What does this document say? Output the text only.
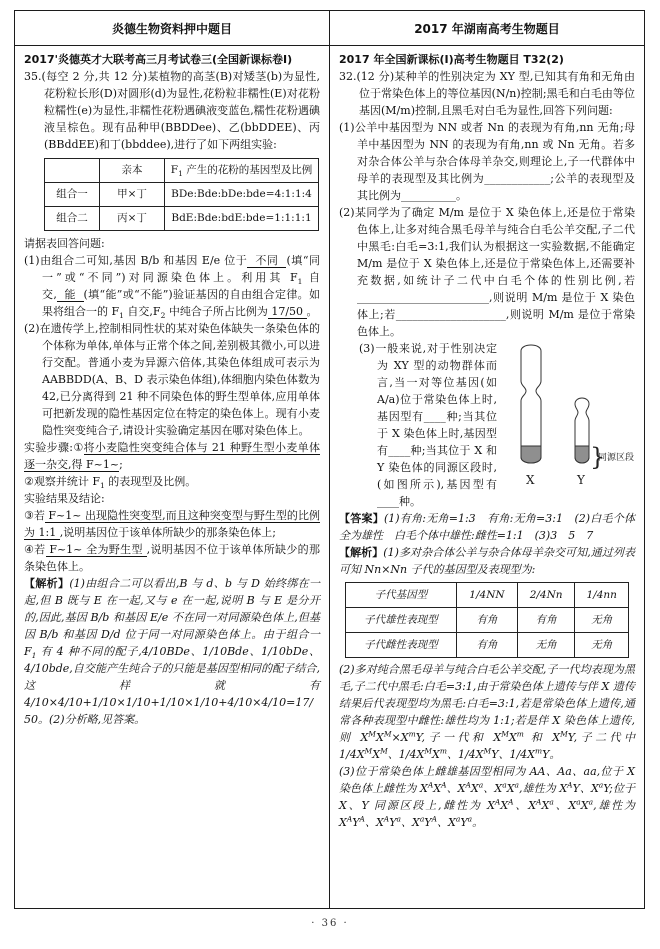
炎德生物资料押中题目	2017 年湖南高考生物题目

2017'炎德英才大联考高三月考试卷三(全国新课标卷Ⅰ)

35.(每空 2 分,共 12 分)某植物的高茎(B)对矮茎(b)为显性,花粉粒长形(D)对圆形(d)为显性,花粉粒非糯性(E)对花粉粒糯性(e)为显性,非糯性花粉遇碘液变蓝色,糯性花粉遇碘液呈棕色。现有品种甲(BBDDee)、乙(bbDDEE)、丙(BBddEE)和丁(bbddee),进行了如下两组实验:

	亲本	$F_1$ 产生的花粉的基因型及比例
组合一	甲×丁	BDe:Bde:bDe:bde=4:1:1:4
组合二	丙×丁	BdE:Bde:bdE:bde=1:1:1:1

请据表回答问题:

(1)由组合二可知,基因 B/b 和基因 E/e 位于  不同  (填“同一”或“不同”)对同源染色体上。利用其 $F_1$ 自交,  能  (填“能”或“不能”)验证基因的自由组合定律。如果将组合一的 $F_1$ 自交$,F_2$ 中纯合子所占比例为 17/50 。

(2)在遗传学上,控制相同性状的某对染色体缺失一条染色体的个体称为单体,单体与正常个体之间,差别极其微小,可以进行交配。普通小麦为异源六倍体,其染色体组成可表示为 AABBDD(A、B、D 表示染色体组),体细胞内染色体数为 42,已分离得到 21 种不同染色体的野生型单体,应用单体可把新发现的隐性基因定位在特定的染色体上。现有小麦隐性突变纯合子,请设计实验确定基因在哪对染色体上。

实验步骤:①将小麦隐性突变纯合体与 21 种野生型小麦单体逐一杂交,得 F~1~;

②观察并统计 $F_1$ 的表现型及比例。

实验结果及结论:

③若 F~1~ 出现隐性突变型,而且这种突变型与野生型的比例为 1:1 ,说明基因位于该单体所缺少的那条染色体上;

④若 F~1~ 全为野生型 ,说明基因不位于该单体所缺少的那条染色体上。

【解析】(1)由组合二可以看出,B 与 d、b 与 D 始终绑在一起,但 B 既与 E 在一起,又与 e 在一起,说明 B 与 E 是分开的,因此,基因 B/b 和基因 E/e 不在同一对同源染色体上,但基因 B/b 和基因 D/d 位于同一对同源染色体上。由于组合一 $F_1$ 有 4 种不同的配子,4/10BDe、1/10Bde、1/10bDe、4/10bde,自交能产生纯合子的只能是基因型相同的配子结合,这样就有 4/10×4/10+1/10×1/10+1/10×1/10+4/10×4/10=17/50。(2)分析略,见答案。

2017 年全国新课标(Ⅰ)高考生物题目 T32(2)

32.(12 分)某种羊的性别决定为 XY 型,已知其有角和无角由位于常染色体上的等位基因(N/n)控制;黑毛和白毛由等位基因(M/m)控制,且黑毛对白毛为显性,回答下列问题:

(1)公羊中基因型为 NN 或者 Nn 的表现为有角,nn 无角;母羊中基因型为 NN 的表现为有角,nn 或 Nn 无角。若多对杂合体公羊与杂合体母羊杂交,则理论上,子一代群体中母羊的表现型及其比例为____________;公羊的表现型及其比例为__________。

(2)某同学为了确定 M/m 是位于 X 染色体上,还是位于常染色体上,让多对纯合黑毛母羊与纯合白毛公羊交配,子二代中黑毛:白毛=3:1,我们认为根据这一实验数据,不能确定 M/m 是位于 X 染色体上,还是位于常染色体上,还需要补充数据,如统计子二代中白毛个体的性别比例,若________________________,则说明 M/m 是位于 X 染色体上;若____________________,则说明 M/m 是位于常染色体上。

}
同源区段
X	Y
(3)一般来说,对于性别决定为 XY 型的动物群体而言,当一对等位基因(如 A/a)位于常染色体上时,基因型有____种;当其位于 X 染色体上时,基因型有____种;当其位于 X 和 Y 染色体的同源区段时,(如图所示),基因型有____种。

【答案】(1)有角:无角=1:3　有角:无角=3:1　(2)白毛个体全为雄性　白毛个体中雄性:雌性=1:1　(3)3　5　7

【解析】(1)多对杂合体公羊与杂合体母羊杂交可知,通过列表可知 Nn×Nn 子代的基因型及表现型为:

子代基因型	1/4NN	2/4Nn	1/4nn
子代雄性表现型	有角	有角	无角
子代雌性表现型	有角	无角	无角

(2)多对纯合黑毛母羊与纯合白毛公羊交配,子一代均表现为黑毛,子二代中黑毛:白毛=3:1,由于常染色体上遗传与伴 X 遗传结果后代表现型均为黑毛:白毛=3:1,若是常染色体上遗传,通常各种表现型中雌性:雄性均为 1:1;若是伴 X 染色体上遗传,则 $X^MX^M\times X^mY$,子一代和 $X^MX^m$ 和 $X^MY$,子二代中 $1/4X^MX^M$、$1/4X^MX^m$、$1/4X^MY$、$1/4X^mY$。

(3)位于常染色体上雌雄基因型相同为 AA、Aa、aa,位于 X 染色体上雌性为 $X^AX^A$、$X^AX^a$、$X^aX^a$,雄性为 $X^AY$、$X^aY$;位于 X、Y 同源区段上,雌性为 $X^AX^A$、$X^AX^a$、$X^aX^a$,雄性为 $X^AY^A$、$X^AY^a$、$X^aY^A$、$X^aY^a$。

· 36 ·
